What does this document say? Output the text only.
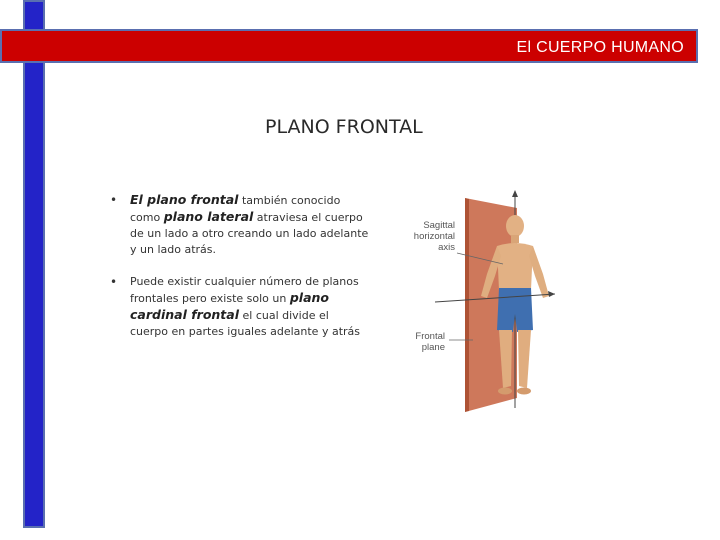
El CUERPO HUMANO
PLANO FRONTAL
• El plano frontal también conocido como plano lateral atraviesa el cuerpo de un lado a otro creando un lado adelante y un lado atrás.
• Puede existir cualquier número de planos frontales pero existe solo un plano cardinal frontal el cual divide el cuerpo en partes iguales adelante y atrás
Sagittal
horizontal
axis
Frontal
plane
